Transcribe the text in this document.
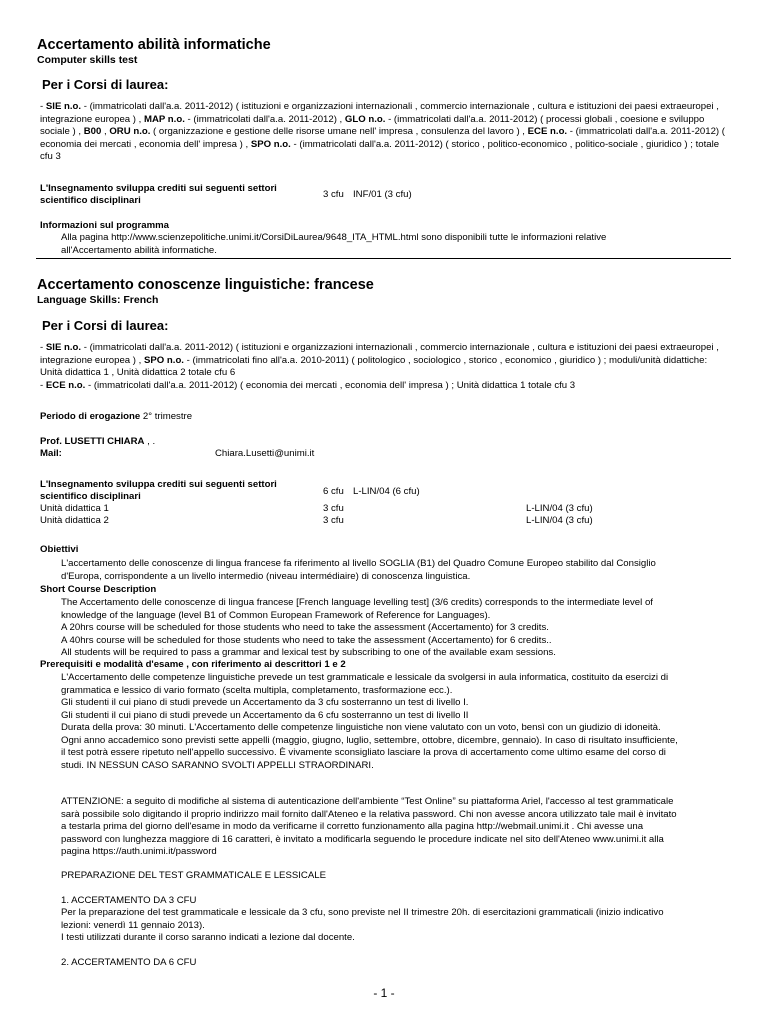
Accertamento abilità informatiche
Computer skills test
Per i Corsi di laurea:
- SIE n.o. - (immatricolati dall'a.a. 2011-2012) ( istituzioni e organizzazioni internazionali , commercio internazionale , cultura e istituzioni dei paesi extraeuropei , integrazione europea ) , MAP n.o. - (immatricolati dall'a.a. 2011-2012) , GLO n.o. - (immatricolati dall'a.a. 2011-2012) ( processi globali , coesione e sviluppo sociale ) , B00 , ORU n.o. ( organizzazione e gestione delle risorse umane nell' impresa , consulenza del lavoro ) , ECE n.o. - (immatricolati dall'a.a. 2011-2012) ( economia dei mercati , economia dell' impresa ) , SPO n.o. - (immatricolati dall'a.a. 2011-2012) ( storico , politico-economico , politico-sociale , giuridico ) ; totale cfu 3
L'Insegnamento sviluppa crediti sui seguenti settori scientifico disciplinari
3 cfu INF/01 (3 cfu)
Informazioni sul programma
Alla pagina http://www.scienzepolitiche.unimi.it/CorsiDiLaurea/9648_ITA_HTML.html sono disponibili tutte le informazioni relative all'Accertamento abilità informatiche.
Accertamento conoscenze linguistiche: francese
Language Skills: French
Per i Corsi di laurea:
- SIE n.o. - (immatricolati dall'a.a. 2011-2012) ( istituzioni e organizzazioni internazionali , commercio internazionale , cultura e istituzioni dei paesi extraeuropei , integrazione europea ) , SPO n.o. - (immatricolati fino all'a.a. 2010-2011) ( politologico , sociologico , storico , economico , giuridico ) ; moduli/unità didattiche: Unità didattica 1 , Unità didattica 2 totale cfu 6
- ECE n.o. - (immatricolati dall'a.a. 2011-2012) ( economia dei mercati , economia dell' impresa ) ; Unità didattica 1 totale cfu 3
Periodo di erogazione 2° trimestre
Prof. LUSETTI CHIARA , .
Mail:	Chiara.Lusetti@unimi.it
L'Insegnamento sviluppa crediti sui seguenti settori scientifico disciplinari	6 cfu L-LIN/04 (6 cfu)
Unità didattica 1	3 cfu	L-LIN/04 (3 cfu)
Unità didattica 2	3 cfu	L-LIN/04 (3 cfu)
Obiettivi
L'accertamento delle conoscenze di lingua francese fa riferimento al livello SOGLIA (B1) del Quadro Comune Europeo stabilito dal Consiglio d'Europa, corrispondente a un livello intermedio (niveau intermédiaire) di conoscenza linguistica.
Short Course Description
The Accertamento delle conoscenze di lingua francese [French language levelling test] (3/6 credits) corresponds to the intermediate level of knowledge of the language (level B1 of Common European Framework of Reference for Languages).
A 20hrs course will be scheduled for those students who need to take the assessment (Accertamento) for 3 credits.
A 40hrs course will be scheduled for those students who need to take the assessment (Accertamento) for 6 credits..
All students will be required to pass a grammar and lexical test by subscribing to one of the available exam sessions.
Prerequisiti e modalità d'esame , con riferimento ai descrittori 1 e 2
L'Accertamento delle competenze linguistiche prevede un test grammaticale e lessicale da svolgersi in aula informatica, costituito da esercizi di grammatica e lessico di vario formato (scelta multipla, completamento, trasformazione ecc.).
Gli studenti il cui piano di studi prevede un Accertamento da 3 cfu sosterranno un test di livello I.
Gli studenti il cui piano di studi prevede un Accertamento da 6 cfu sosterranno un test di livello II
Durata della prova: 30 minuti. L'Accertamento delle competenze linguistiche non viene valutato con un voto, bensì con un giudizio di idoneità.
Ogni anno accademico sono previsti sette appelli (maggio, giugno, luglio, settembre, ottobre, dicembre, gennaio). In caso di risultato insufficiente, il test potrà essere ripetuto nell'appello successivo. È vivamente sconsigliato lasciare la prova di accertamento come ultimo esame del corso di studi. IN NESSUN CASO SARANNO SVOLTI APPELLI STRAORDINARI.
ATTENZIONE: a seguito di modifiche al sistema di autenticazione dell'ambiente “Test Online” su piattaforma Ariel, l'accesso al test grammaticale sarà possibile solo digitando il proprio indirizzo mail fornito dall'Ateneo e la relativa password. Chi non avesse ancora utilizzato tale mail è invitato a testarla prima del giorno dell'esame in modo da verificarne il corretto funzionamento alla pagina http://webmail.unimi.it . Chi avesse una password con lunghezza maggiore di 16 caratteri, è invitato a modificarla seguendo le procedure indicate nel sito dell'Ateneo www.unimi.it alla pagina https://auth.unimi.it/password
PREPARAZIONE DEL TEST GRAMMATICALE E LESSICALE
1. ACCERTAMENTO DA 3 CFU
Per la preparazione del test grammaticale e lessicale da 3 cfu, sono previste nel II trimestre 20h. di esercitazioni grammaticali (inizio indicativo lezioni: venerdì 11 gennaio 2013).
I testi utilizzati durante il corso saranno indicati a lezione dal docente.
2. ACCERTAMENTO DA 6 CFU
- 1 -
